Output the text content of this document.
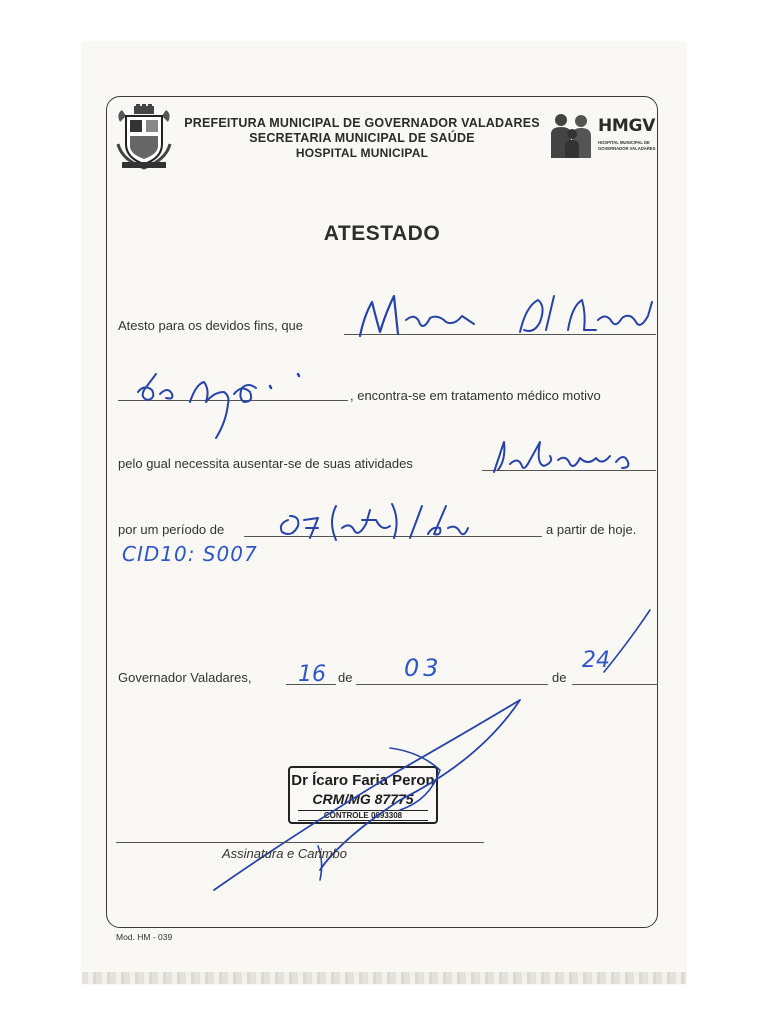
PREFEITURA MUNICIPAL DE GOVERNADOR VALADARES
SECRETARIA MUNICIPAL DE SAÚDE
HOSPITAL MUNICIPAL
HMGV
HOSPITAL MUNICIPAL DE GOVERNADOR VALADARES
ATESTADO
Atesto para os devidos fins, que
, encontra-se em tratamento médico motivo
pelo gual necessita ausentar-se de suas atividades
por um período de	a partir de hoje.
CID10: S007
Governador Valadares, 16 de 03	de
24
Dr Ícaro Faria Peron
CRM/MG 87775
CONTROLE 0693308
Assinatura e Carimbo
Mod. HM - 039
